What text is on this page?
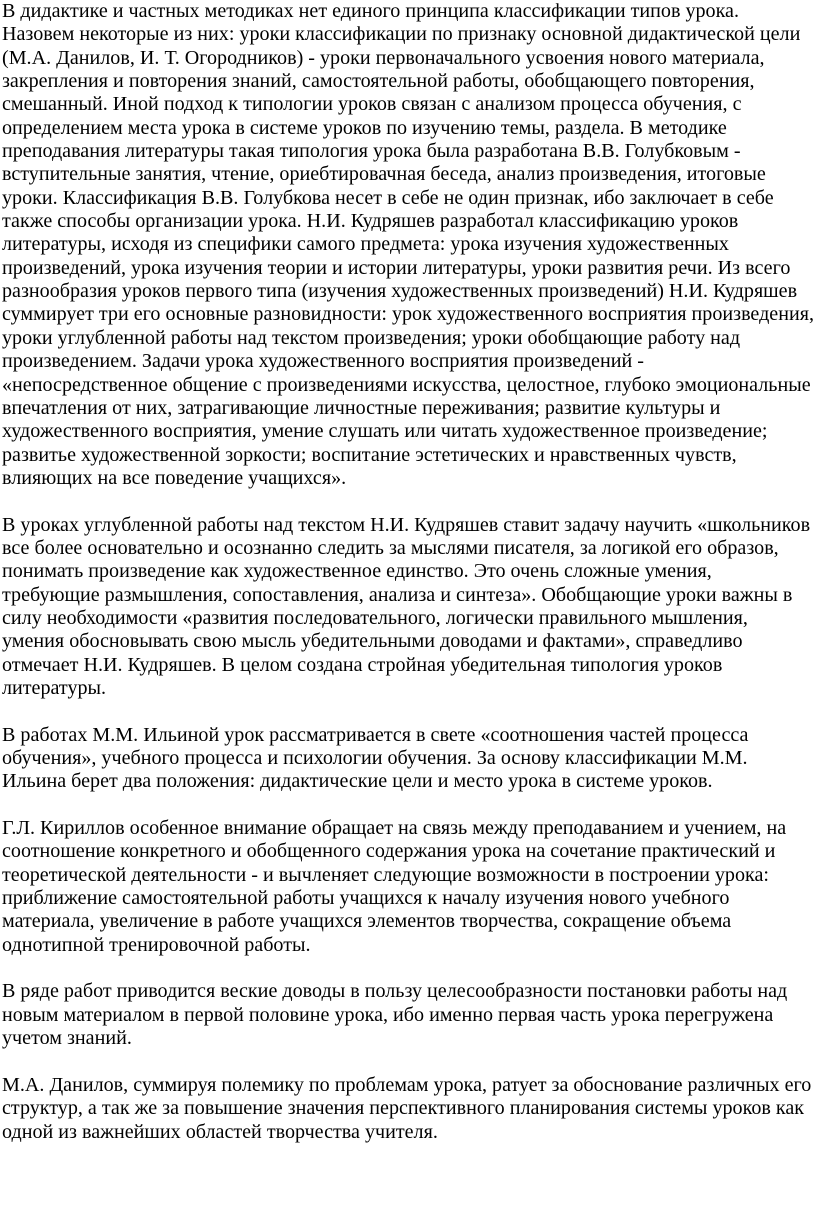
В дидактике и частных методиках нет единого принципа классификации типов урока. Назовем некоторые из них: уроки классификации по признаку основной дидактической цели (М.А. Данилов, И. Т. Огородников) - уроки первоначального усвоения нового материала, закрепления и повторения знаний, самостоятельной работы, обобщающего повторения, смешанный. Иной подход к типологии уроков связан с анализом процесса обучения, с определением места урока в системе уроков по изучению темы, раздела. В методике преподавания литературы такая типология урока была разработана В.В. Голубковым - вступительные занятия, чтение, ориебтировачная беседа, анализ произведения, итоговые уроки. Классификация В.В. Голубкова несет в себе не один признак, ибо заключает в себе также способы организации урока. Н.И. Кудряшев разработал классификацию уроков литературы, исходя из специфики самого предмета: урока изучения художественных произведений, урока изучения теории и истории литературы, уроки развития речи. Из всего разнообразия уроков первого типа (изучения художественных произведений) Н.И. Кудряшев суммирует три его основные разновидности: урок художественного восприятия произведения, уроки углубленной работы над текстом произведения; уроки обобщающие работу над произведением. Задачи урока художественного восприятия произведений - «непосредственное общение с произведениями искусства, целостное, глубоко эмоциональные впечатления от них, затрагивающие личностные переживания; развитие культуры и художественного восприятия, умение слушать или читать художественное произведение; развитье художественной зоркости; воспитание эстетических и нравственных чувств, влияющих на все поведение учащихся».

В уроках углубленной работы над текстом Н.И. Кудряшев ставит задачу научить «школьников все более основательно и осознанно следить за мыслями писателя, за логикой его образов, понимать произведение как художественное единство. Это очень сложные умения, требующие размышления, сопоставления, анализа и синтеза». Обобщающие уроки важны в силу необходимости «развития последовательного, логически правильного мышления, умения обосновывать свою мысль убедительными доводами и фактами», справедливо отмечает Н.И. Кудряшев. В целом создана стройная убедительная типология уроков литературы.

В работах М.М. Ильиной урок рассматривается в свете «соотношения частей процесса обучения», учебного процесса и психологии обучения. За основу классификации М.М. Ильина берет два положения: дидактические цели и место урока в системе уроков.

Г.Л. Кириллов особенное внимание обращает на связь между преподаванием и учением, на соотношение конкретного и обобщенного содержания урока на сочетание практический и теоретической деятельности - и вычленяет следующие возможности в построении урока: приближение самостоятельной работы учащихся к началу изучения нового учебного материала, увеличение в работе учащихся элементов творчества, сокращение объема однотипной тренировочной работы.

В ряде работ приводится веские доводы в пользу целесообразности постановки работы над новым материалом в первой половине урока, ибо именно первая часть урока перегружена учетом знаний.

М.А. Данилов, суммируя полемику по проблемам урока, ратует за обоснование различных его структур, а так же за повышение значения перспективного планирования системы уроков как одной из важнейших областей творчества учителя.
